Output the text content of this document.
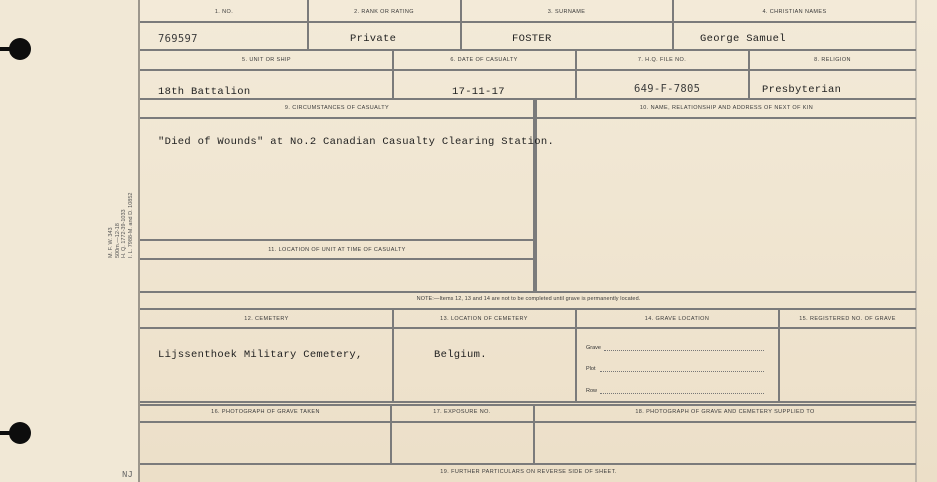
M. F. W. 343 500m.—12-18 H. Q. 1772-39-1033 I. L. 7988-M. and D. 10852
NJ
1. NO.	2. RANK OR RATING	3. SURNAME	4. CHRISTIAN NAMES
769597	Private	FOSTER	George Samuel
5. UNIT OR SHIP	6. DATE OF CASUALTY	7. H.Q. FILE NO.	8. RELIGION
18th Battalion	17-11-17	649-F-7805	Presbyterian
9. CIRCUMSTANCES OF CASUALTY	10. NAME, RELATIONSHIP AND ADDRESS OF NEXT OF KIN
"Died of Wounds" at No.2 Canadian Casualty Clearing Station.
11. LOCATION OF UNIT AT TIME OF CASUALTY
NOTE:—Items 12, 13 and 14 are not to be completed until grave is permanently located.
12. CEMETERY	13. LOCATION OF CEMETERY	14. GRAVE LOCATION	15. REGISTERED NO. OF GRAVE
Lijssenthoek Military Cemetery,	Belgium.
Grave
Plot
Row
16. PHOTOGRAPH OF GRAVE TAKEN	17. EXPOSURE NO.	18. PHOTOGRAPH OF GRAVE AND CEMETERY SUPPLIED TO
19. FURTHER PARTICULARS ON REVERSE SIDE OF SHEET.
